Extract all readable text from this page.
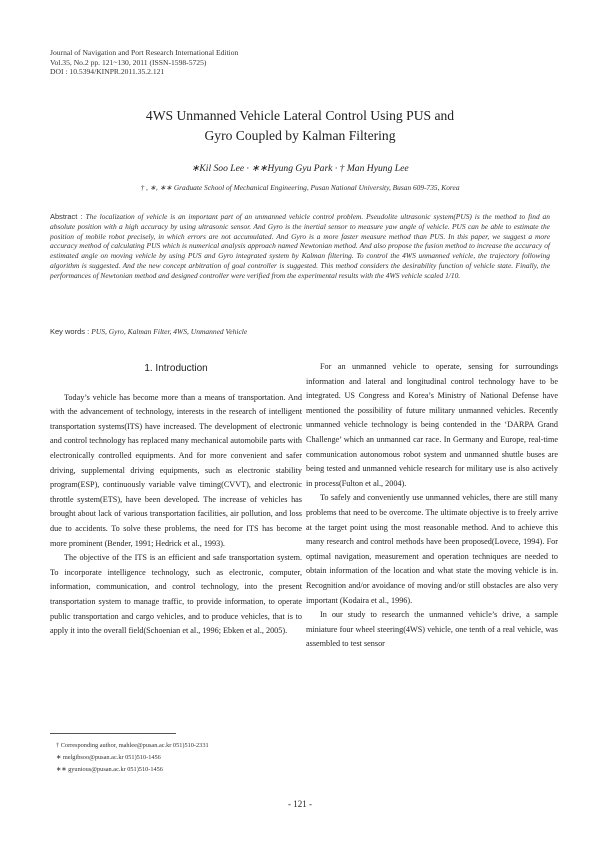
Journal of Navigation and Port Research International Edition
Vol.35, No.2 pp. 121~130, 2011 (ISSN-1598-5725)
DOI : 10.5394/KINPR.2011.35.2.121
4WS Unmanned Vehicle Lateral Control Using PUS and
Gyro Coupled by Kalman Filtering
∗Kil Soo Lee · ∗∗Hyung Gyu Park · † Man Hyung Lee
† , ∗, ∗∗ Graduate School of Mechanical Engineering, Pusan National University, Busan 609-735, Korea
Abstract : The localization of vehicle is an important part of an unmanned vehicle control problem. Pseudolite ultrasonic system(PUS) is the method to find an absolute position with a high accuracy by using ultrasonic sensor. And Gyro is the inertial sensor to measure yaw angle of vehicle. PUS can be able to estimate the position of mobile robot precisely, in which errors are not accumulated. And Gyro is a more faster measure method than PUS. In this paper, we suggest a more accuracy method of calculating PUS which is numerical analysis approach named Newtonian method. And also propose the fusion method to increase the accuracy of estimated angle on moving vehicle by using PUS and Gyro integrated system by Kalman filtering. To control the 4WS unmanned vehicle, the trajectory following algorithm is suggested. And the new concept arbitration of goal controller is suggested. This method considers the desirability function of vehicle state. Finally, the performances of Newtonian method and designed controller were verified from the experimental results with the 4WS vehicle scaled 1/10.
Key words : PUS, Gyro, Kalman Filter, 4WS, Unmanned Vehicle
1. Introduction

Today’s vehicle has become more than a means of transportation. And with the advancement of technology, interests in the research of intelligent transportation systems(ITS) have increased. The development of electronic and control technology has replaced many mechanical automobile parts with electronically controlled equipments. And for more convenient and safer driving, supplemental driving equipments, such as electronic stability program(ESP), continuously variable valve timing(CVVT), and electronic throttle system(ETS), have been developed. The increase of vehicles has brought about lack of various transportation facilities, air pollution, and loss due to accidents. To solve these problems, the need for ITS has become more prominent (Bender, 1991; Hedrick et al., 1993).

The objective of the ITS is an efficient and safe transportation system. To incorporate intelligence technology, such as electronic, computer, information, communication, and control technology, into the present transportation system to manage traffic, to provide information, to operate public transportation and cargo vehicles, and to produce vehicles, that is to apply it into the overall field(Schoenian et al., 1996; Ebken et al., 2005).

For an unmanned vehicle to operate, sensing for surroundings information and lateral and longitudinal control technology have to be integrated. US Congress and Korea’s Ministry of National Defense have mentioned the possibility of future military unmanned vehicles. Recently unmanned vehicle technology is being contended in the ‘DARPA Grand Challenge’ which an unmanned car race. In Germany and Europe, real-time communication autonomous robot system and unmanned shuttle buses are being tested and unmanned vehicle research for military use is also actively in process(Fulton et al., 2004).

To safely and conveniently use unmanned vehicles, there are still many problems that need to be overcome. The ultimate objective is to freely arrive at the target point using the most reasonable method. And to achieve this many research and control methods have been proposed(Lovece, 1994). For optimal navigation, measurement and operation techniques are needed to obtain information of the location and what state the moving vehicle is in. Recognition and/or avoidance of moving and/or still obstacles are also very important (Kodaira et al., 1996).

In our study to research the unmanned vehicle’s drive, a sample miniature four wheel steering(4WS) vehicle, one tenth of a real vehicle, was assembled to test sensor

† Corresponding author, mahlee@pusan.ac.kr 051)510-2331
∗ melgibsoo@pusan.ac.kr 051)510-1456
∗∗ gyunious@pusan.ac.kr 051)510-1456
- 121 -
